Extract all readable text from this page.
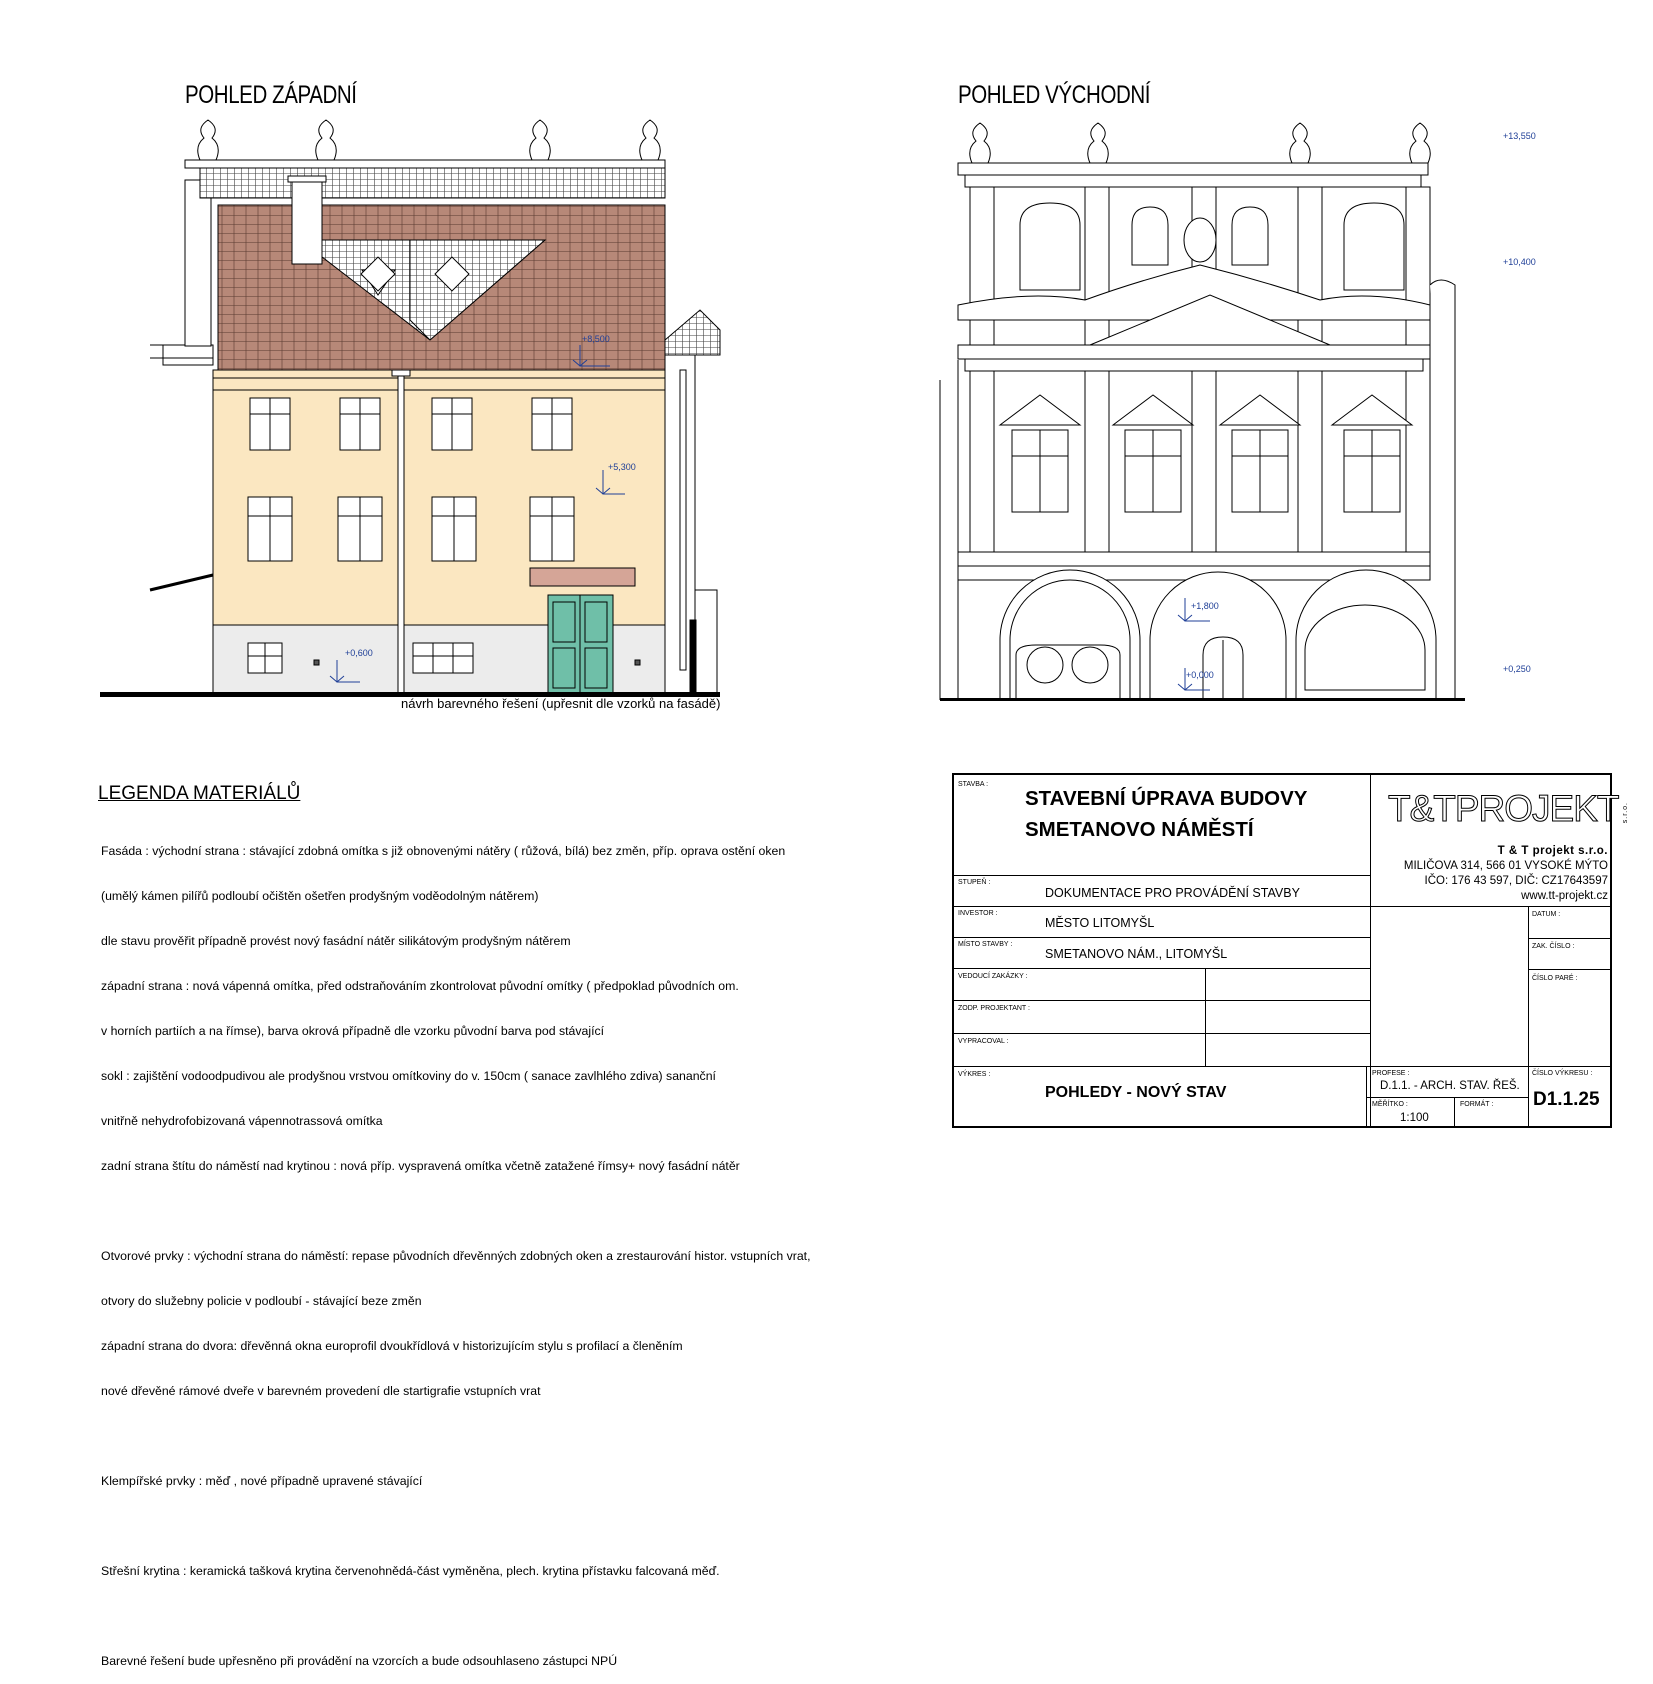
POHLED ZÁPADNÍ
+8,500
+5,300
+0,600
návrh barevného řešení (upřesnit dle vzorků na fasádě)
POHLED VÝCHODNÍ
+13,550
+10,400
+1,800
+0,000
+0,250
LEGENDA MATERIÁLŮ

Fasáda : východní strana : stávající zdobná omítka s již obnovenými nátěry ( růžová, bílá) bez změn, příp. oprava ostění oken

(umělý kámen pilířů podloubí očištěn ošetřen prodyšným voděodolným nátěrem)

dle stavu prověřit případně provést nový fasádní nátěr silikátovým prodyšným nátěrem

západní strana : nová vápenná omítka, před odstraňováním zkontrolovat původní omítky ( předpoklad původních om.

v horních partiích a na římse), barva okrová případně dle vzorku původní barva pod stávající

sokl : zajištění vodoodpudivou ale prodyšnou vrstvou omítkoviny do v. 150cm ( sanace zavlhlého zdiva) sananční

vnitřně nehydrofobizovaná vápennotrassová omítka

zadní strana štítu do náměstí nad krytinou : nová příp. vyspravená omítka včetně zatažené římsy+ nový fasádní nátěr

Otvorové prvky : východní strana do náměstí: repase původních dřevěnných zdobných oken a zrestaurování histor. vstupních vrat,

otvory do služebny policie v podloubí - stávající beze změn

západní strana do dvora: dřevěnná okna europrofil dvoukřídlová v historizujícím stylu s profilací a členěním

nové dřevěné rámové dveře v barevném provedení dle startigrafie vstupních vrat

Klempířské prvky : měď , nové případně upravené stávající

Střešní krytina : keramická tašková krytina červenohnědá-část vyměněna, plech. krytina přístavku falcovaná měď.

Barevné řešení bude upřesněno při provádění na vzorcích a bude odsouhlaseno zástupci NPÚ

STAVBA :
STAVEBNÍ ÚPRAVA BUDOVY
SMETANOVO NÁMĚSTÍ
STUPEŇ :
DOKUMENTACE PRO PROVÁDĚNÍ STAVBY
INVESTOR :
MĚSTO LITOMYŠL
MÍSTO STAVBY :
SMETANOVO NÁM., LITOMYŠL
VEDOUCÍ ZAKÁZKY :
ZODP. PROJEKTANT :
VYPRACOVAL :
VÝKRES :
POHLEDY - NOVÝ STAV
PROFESE :
D.1.1. - ARCH. STAV. ŘEŠ.
MĚŘÍTKO :
1:100
FORMÁT :
ČÍSLO VÝKRESU :
D1.1.25
DATUM :
ZAK. ČÍSLO :
ČÍSLO PARÉ :
T&TPROJEKT s.r.o.
T & T projekt s.r.o.
MILIČOVA 314, 566 01 VYSOKÉ MÝTO
IČO: 176 43 597, DIČ: CZ17643597
www.tt-projekt.cz
